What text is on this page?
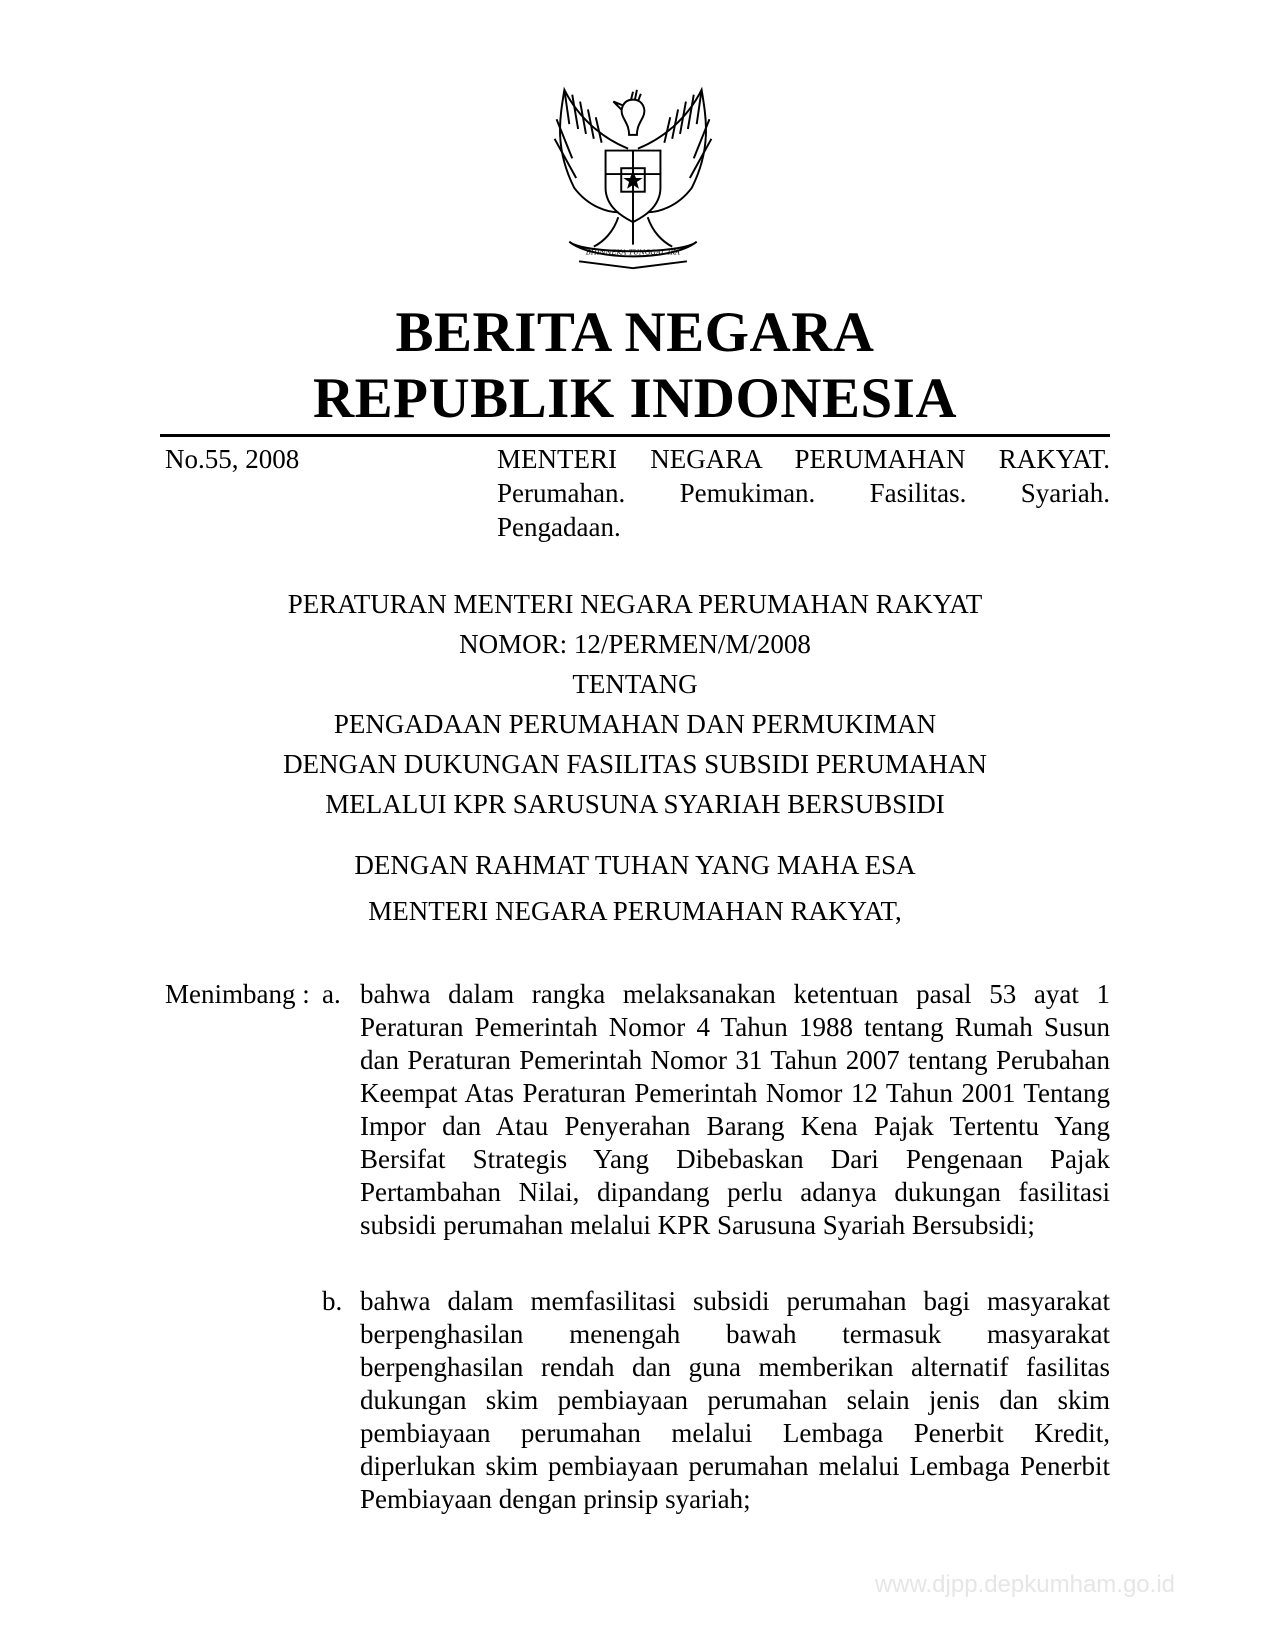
BHINNEKA TUNGGAL IKA
BERITA NEGARA
REPUBLIK INDONESIA
No.55, 2008	MENTERI NEGARA PERUMAHAN RAKYAT.
Perumahan. Pemukiman. Fasilitas. Syariah.
Pengadaan.
PERATURAN MENTERI NEGARA PERUMAHAN RAKYAT
NOMOR: 12/PERMEN/M/2008
TENTANG
PENGADAAN PERUMAHAN DAN PERMUKIMAN
DENGAN DUKUNGAN FASILITAS SUBSIDI PERUMAHAN
MELALUI KPR SARUSUNA SYARIAH BERSUBSIDI
DENGAN RAHMAT TUHAN YANG MAHA ESA
MENTERI NEGARA PERUMAHAN RAKYAT,
Menimbang : a. bahwa dalam rangka melaksanakan ketentuan pasal 53 ayat 1 Peraturan Pemerintah Nomor 4 Tahun 1988 tentang Rumah Susun dan Peraturan Pemerintah Nomor 31 Tahun 2007 tentang Perubahan Keempat Atas Peraturan Pemerintah Nomor 12 Tahun 2001 Tentang Impor dan Atau Penyerahan Barang Kena Pajak Tertentu Yang Bersifat Strategis Yang Dibebaskan Dari Pengenaan Pajak Pertambahan Nilai, dipandang perlu adanya dukungan fasilitasi subsidi perumahan melalui KPR Sarusuna Syariah Bersubsidi;
b. bahwa dalam memfasilitasi subsidi perumahan bagi masyarakat berpenghasilan menengah bawah termasuk masyarakat berpenghasilan rendah dan guna memberikan alternatif fasilitas dukungan skim pembiayaan perumahan selain jenis dan skim pembiayaan perumahan melalui Lembaga Penerbit Kredit, diperlukan skim pembiayaan perumahan melalui Lembaga Penerbit Pembiayaan dengan prinsip syariah;
www.djpp.depkumham.go.id
